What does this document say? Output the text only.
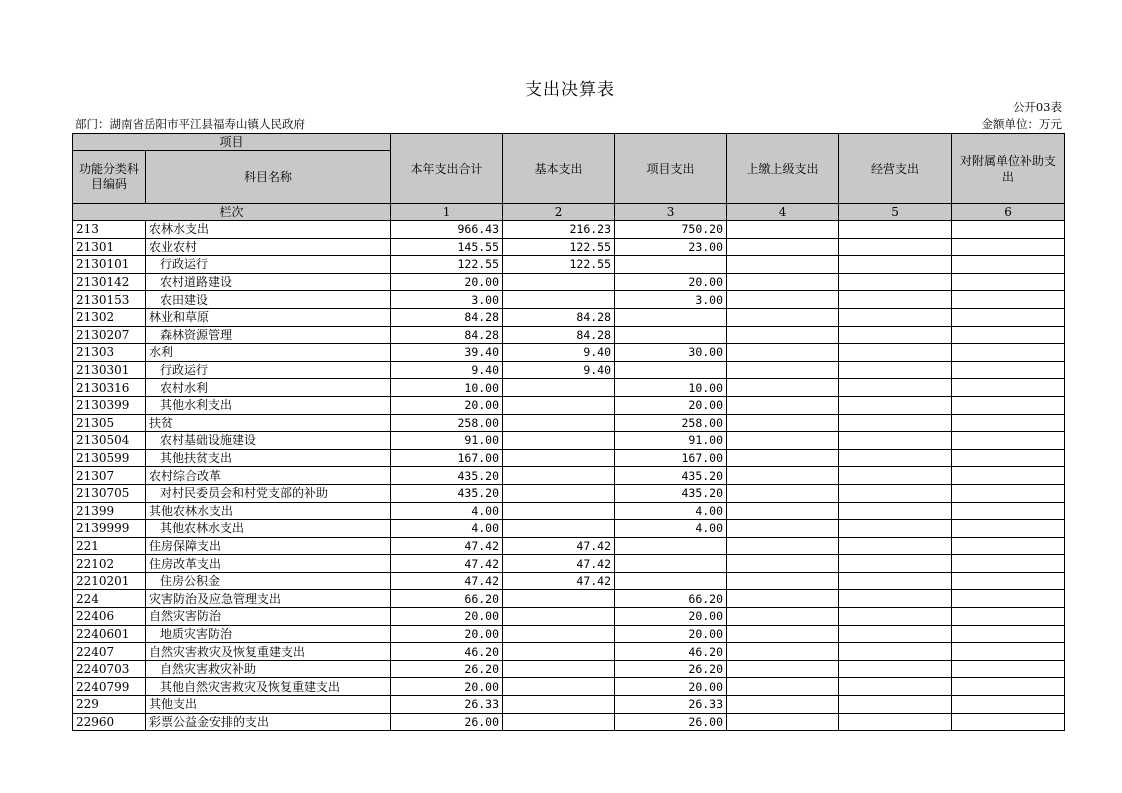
支出决算表
公开03表
部门：湖南省岳阳市平江县福寿山镇人民政府	金额单位：万元
项目		本年支出合计	基本支出	项目支出	上缴上级支出	经营支出	对附属单位补助支出
功能分类科目编码	科目名称						
栏次		1	2	3	4	5	6
213	农林水支出	966.43	216.23	750.20			
21301	农业农村	145.55	122.55	23.00			
2130101	行政运行	122.55	122.55				
2130142	农村道路建设	20.00		20.00			
2130153	农田建设	3.00		3.00			
21302	林业和草原	84.28	84.28				
2130207	森林资源管理	84.28	84.28				
21303	水利	39.40	9.40	30.00			
2130301	行政运行	9.40	9.40				
2130316	农村水利	10.00		10.00			
2130399	其他水利支出	20.00		20.00			
21305	扶贫	258.00		258.00			
2130504	农村基础设施建设	91.00		91.00			
2130599	其他扶贫支出	167.00		167.00			
21307	农村综合改革	435.20		435.20			
2130705	对村民委员会和村党支部的补助	435.20		435.20			
21399	其他农林水支出	4.00		4.00			
2139999	其他农林水支出	4.00		4.00			
221	住房保障支出	47.42	47.42				
22102	住房改革支出	47.42	47.42				
2210201	住房公积金	47.42	47.42				
224	灾害防治及应急管理支出	66.20		66.20			
22406	自然灾害防治	20.00		20.00			
2240601	地质灾害防治	20.00		20.00			
22407	自然灾害救灾及恢复重建支出	46.20		46.20			
2240703	自然灾害救灾补助	26.20		26.20			
2240799	其他自然灾害救灾及恢复重建支出	20.00		20.00			
229	其他支出	26.33		26.33			
22960	彩票公益金安排的支出	26.00		26.00			
